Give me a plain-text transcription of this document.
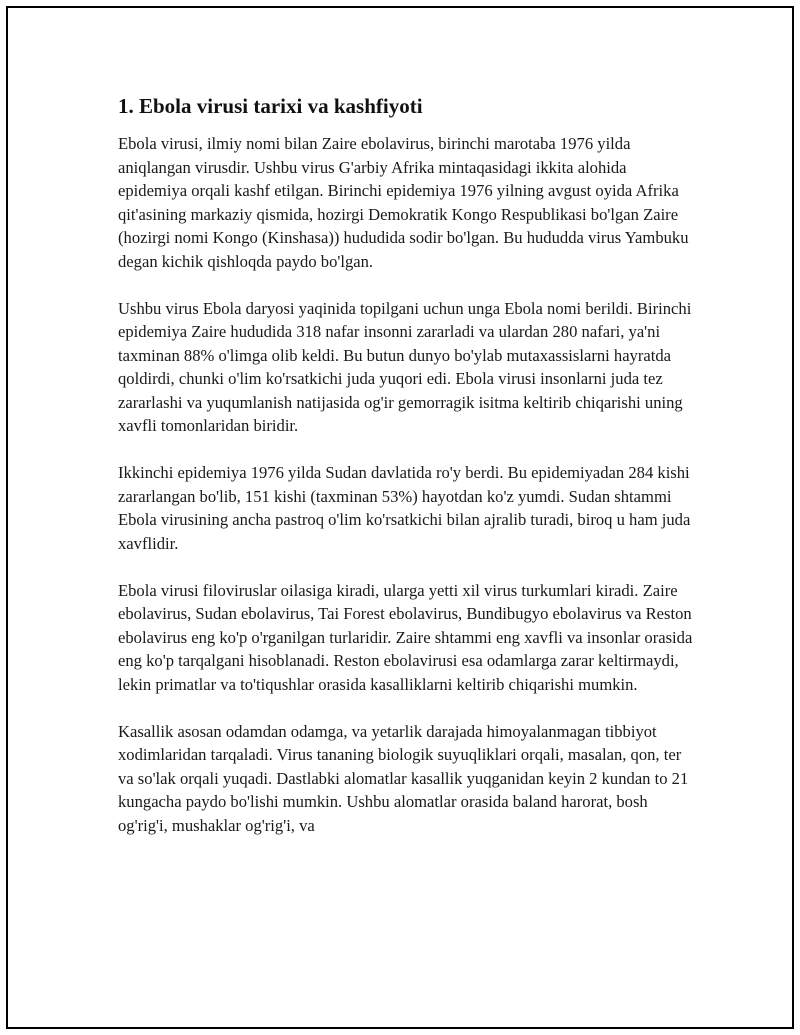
1. Ebola virusi tarixi va kashfiyoti

Ebola virusi, ilmiy nomi bilan Zaire ebolavirus, birinchi marotaba 1976 yilda aniqlangan virusdir. Ushbu virus G'arbiy Afrika mintaqasidagi ikkita alohida epidemiya orqali kashf etilgan. Birinchi epidemiya 1976 yilning avgust oyida Afrika qit'asining markaziy qismida, hozirgi Demokratik Kongo Respublikasi bo'lgan Zaire (hozirgi nomi Kongo (Kinshasa)) hududida sodir bo'lgan. Bu hududda virus Yambuku degan kichik qishloqda paydo bo'lgan.

Ushbu virus Ebola daryosi yaqinida topilgani uchun unga Ebola nomi berildi. Birinchi epidemiya Zaire hududida 318 nafar insonni zararladi va ulardan 280 nafari, ya'ni taxminan 88% o'limga olib keldi. Bu butun dunyo bo'ylab mutaxassislarni hayratda qoldirdi, chunki o'lim ko'rsatkichi juda yuqori edi. Ebola virusi insonlarni juda tez zararlashi va yuqumlanish natijasida og'ir gemorragik isitma keltirib chiqarishi uning xavfli tomonlaridan biridir.

Ikkinchi epidemiya 1976 yilda Sudan davlatida ro'y berdi. Bu epidemiyadan 284 kishi zararlangan bo'lib, 151 kishi (taxminan 53%) hayotdan ko'z yumdi. Sudan shtammi Ebola virusining ancha pastroq o'lim ko'rsatkichi bilan ajralib turadi, biroq u ham juda xavflidir.

Ebola virusi filoviruslar oilasiga kiradi, ularga yetti xil virus turkumlari kiradi. Zaire ebolavirus, Sudan ebolavirus, Tai Forest ebolavirus, Bundibugyo ebolavirus va Reston ebolavirus eng ko'p o'rganilgan turlaridir. Zaire shtammi eng xavfli va insonlar orasida eng ko'p tarqalgani hisoblanadi. Reston ebolavirusi esa odamlarga zarar keltirmaydi, lekin primatlar va to'tiqushlar orasida kasalliklarni keltirib chiqarishi mumkin.

Kasallik asosan odamdan odamga, va yetarlik darajada himoyalanmagan tibbiyot xodimlaridan tarqaladi. Virus tananing biologik suyuqliklari orqali, masalan, qon, ter va so'lak orqali yuqadi. Dastlabki alomatlar kasallik yuqganidan keyin 2 kundan to 21 kungacha paydo bo'lishi mumkin. Ushbu alomatlar orasida baland harorat, bosh og'rig'i, mushaklar og'rig'i, va
